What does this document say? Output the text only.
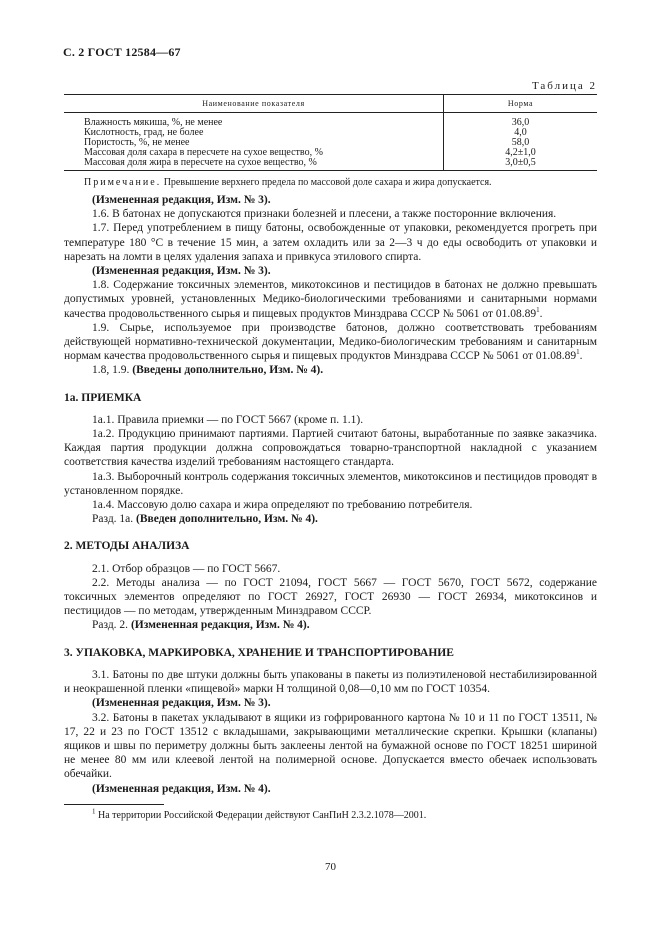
С. 2 ГОСТ 12584—67
Таблица 2
Наименование показателя	Норма
Влажность мякиша, %, не менее	36,0
Кислотность, град, не более	4,0
Пористость, %, не менее	58,0
Массовая доля сахара в пересчете на сухое вещество, %	4,2±1,0
Массовая доля жира в пересчете на сухое вещество, %	3,0±0,5
Примечание. Превышение верхнего предела по массовой доле сахара и жира допускается.

(Измененная редакция, Изм. № 3).

1.6. В батонах не допускаются признаки болезней и плесени, а также посторонние включения.

1.7. Перед употреблением в пищу батоны, освобожденные от упаковки, рекомендуется прогреть при температуре 180 °С в течение 15 мин, а затем охладить или за 2—3 ч до еды освободить от упаковки и нарезать на ломти в целях удаления запаха и привкуса этилового спирта.

(Измененная редакция, Изм. № 3).

1.8. Содержание токсичных элементов, микотоксинов и пестицидов в батонах не должно превышать допустимых уровней, установленных Медико-биологическими требованиями и санитарными нормами качества продовольственного сырья и пищевых продуктов Минздрава СССР № 5061 от 01.08.89$^1$.

1.9. Сырье, используемое при производстве батонов, должно соответствовать требованиям действующей нормативно-технической документации, Медико-биологическим требованиям и санитарным нормам качества продовольственного сырья и пищевых продуктов Минздрава СССР № 5061 от 01.08.89$^1$.

1.8, 1.9. (Введены дополнительно, Изм. № 4).

1а. ПРИЕМКА

1а.1. Правила приемки — по ГОСТ 5667 (кроме п. 1.1).

1а.2. Продукцию принимают партиями. Партией считают батоны, выработанные по заявке заказчика. Каждая партия продукции должна сопровождаться товарно-транспортной накладной с указанием соответствия качества изделий требованиям настоящего стандарта.

1а.3. Выборочный контроль содержания токсичных элементов, микотоксинов и пестицидов проводят в установленном порядке.

1а.4. Массовую долю сахара и жира определяют по требованию потребителя.

Разд. 1а. (Введен дополнительно, Изм. № 4).

2. МЕТОДЫ АНАЛИЗА

2.1. Отбор образцов — по ГОСТ 5667.

2.2. Методы анализа — по ГОСТ 21094, ГОСТ 5667 — ГОСТ 5670, ГОСТ 5672, содержание токсичных элементов определяют по ГОСТ 26927, ГОСТ 26930 — ГОСТ 26934, микотоксинов и пестицидов — по методам, утвержденным Минздравом СССР.

Разд. 2. (Измененная редакция, Изм. № 4).

3. УПАКОВКА, МАРКИРОВКА, ХРАНЕНИЕ И ТРАНСПОРТИРОВАНИЕ

3.1. Батоны по две штуки должны быть упакованы в пакеты из полиэтиленовой нестабилизированной и неокрашенной пленки «пищевой» марки Н толщиной 0,08—0,10 мм по ГОСТ 10354.

(Измененная редакция, Изм. № 3).

3.2. Батоны в пакетах укладывают в ящики из гофрированного картона № 10 и 11 по ГОСТ 13511, № 17, 22 и 23 по ГОСТ 13512 с вкладышами, закрывающими металлические скрепки. Крышки (клапаны) ящиков и швы по периметру должны быть заклеены лентой на бумажной основе по ГОСТ 18251 шириной не менее 80 мм или клеевой лентой на полимерной основе. Допускается вместо обечаек использовать обечайки.

(Измененная редакция, Изм. № 4).

$^1$ На территории Российской Федерации действуют СанПиН 2.3.2.1078—2001.
70
